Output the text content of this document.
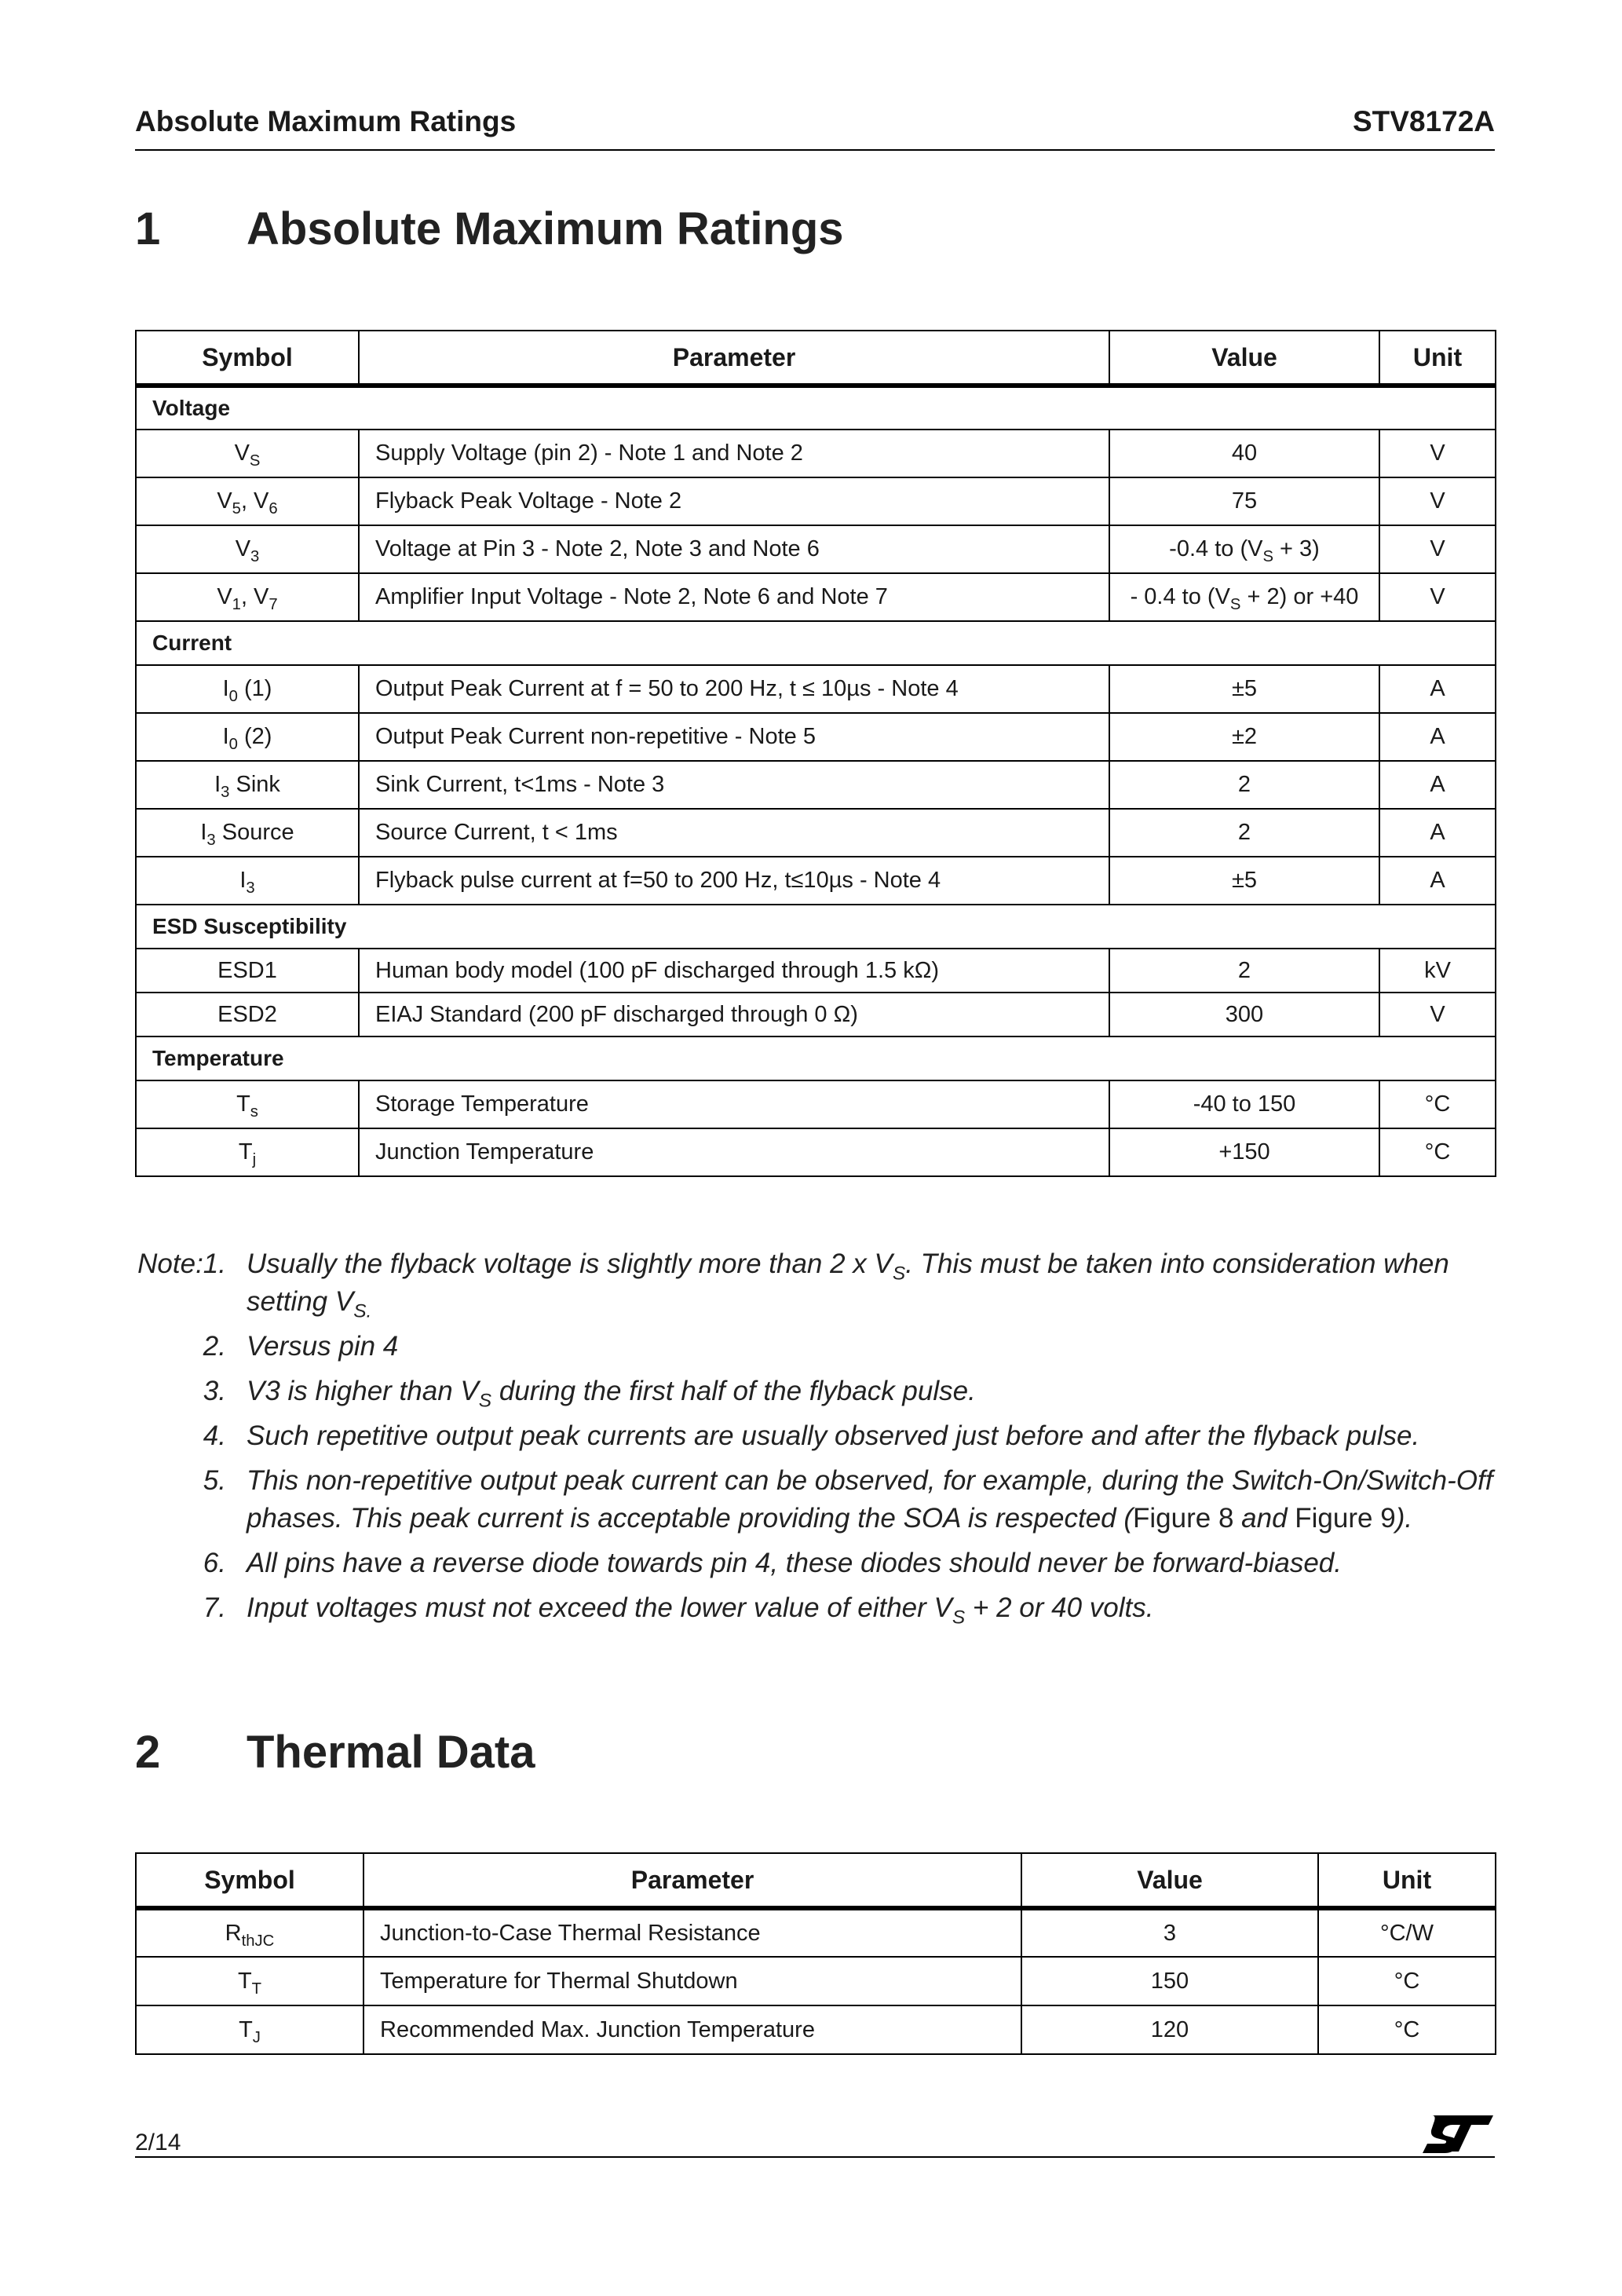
Absolute Maximum Ratings	STV8172A
1 Absolute Maximum Ratings
Symbol	Parameter	Value	Unit
Voltage			
$V_S$	Supply Voltage (pin 2) - Note 1 and Note 2	40	V
$V_5$, $V_6$	Flyback Peak Voltage - Note 2	75	V
$V_3$	Voltage at Pin 3 - Note 2, Note 3 and Note 6	-0.4 to $(V_S + 3)$	V
$V_1$, $V_7$	Amplifier Input Voltage - Note 2, Note 6 and Note 7	- 0.4 to $(V_S + 2)$ or +40	V
Current			
$I_0$ (1)	Output Peak Current at f = 50 to 200 Hz, t ≤ 10µs - Note 4	±5	A
$I_0$ (2)	Output Peak Current non-repetitive - Note 5	±2	A
$I_3$ Sink	Sink Current, t<1ms - Note 3	2	A
$I_3$ Source	Source Current, t < 1ms	2	A
$I_3$	Flyback pulse current at f=50 to 200 Hz, t≤10µs - Note 4	±5	A
ESD Susceptibility			
ESD1	Human body model (100 pF discharged through 1.5 kΩ)	2	kV
ESD2	EIAJ Standard (200 pF discharged through 0 Ω)	300	V
Temperature			
$T_s$	Storage Temperature	-40 to 150	°C
$T_j$	Junction Temperature	+150	°C
Note:1. Usually the flyback voltage is slightly more than 2 x $V_S$. This must be taken into consideration when setting $V_{S.}$
2. Versus pin 4
3. V3 is higher than $V_S$ during the first half of the flyback pulse.
4. Such repetitive output peak currents are usually observed just before and after the flyback pulse.
5. This non-repetitive output peak current can be observed, for example, during the Switch-On/Switch-Off phases. This peak current is acceptable providing the SOA is respected (Figure 8 and Figure 9).
6. All pins have a reverse diode towards pin 4, these diodes should never be forward-biased.
7. Input voltages must not exceed the lower value of either $V_S + 2$ or 40 volts.
2 Thermal Data
Symbol	Parameter	Value	Unit
$R_{thJC}$	Junction-to-Case Thermal Resistance	3	°C/W
$T_T$	Temperature for Thermal Shutdown	150	°C
$T_J$	Recommended Max. Junction Temperature	120	°C
2/14
